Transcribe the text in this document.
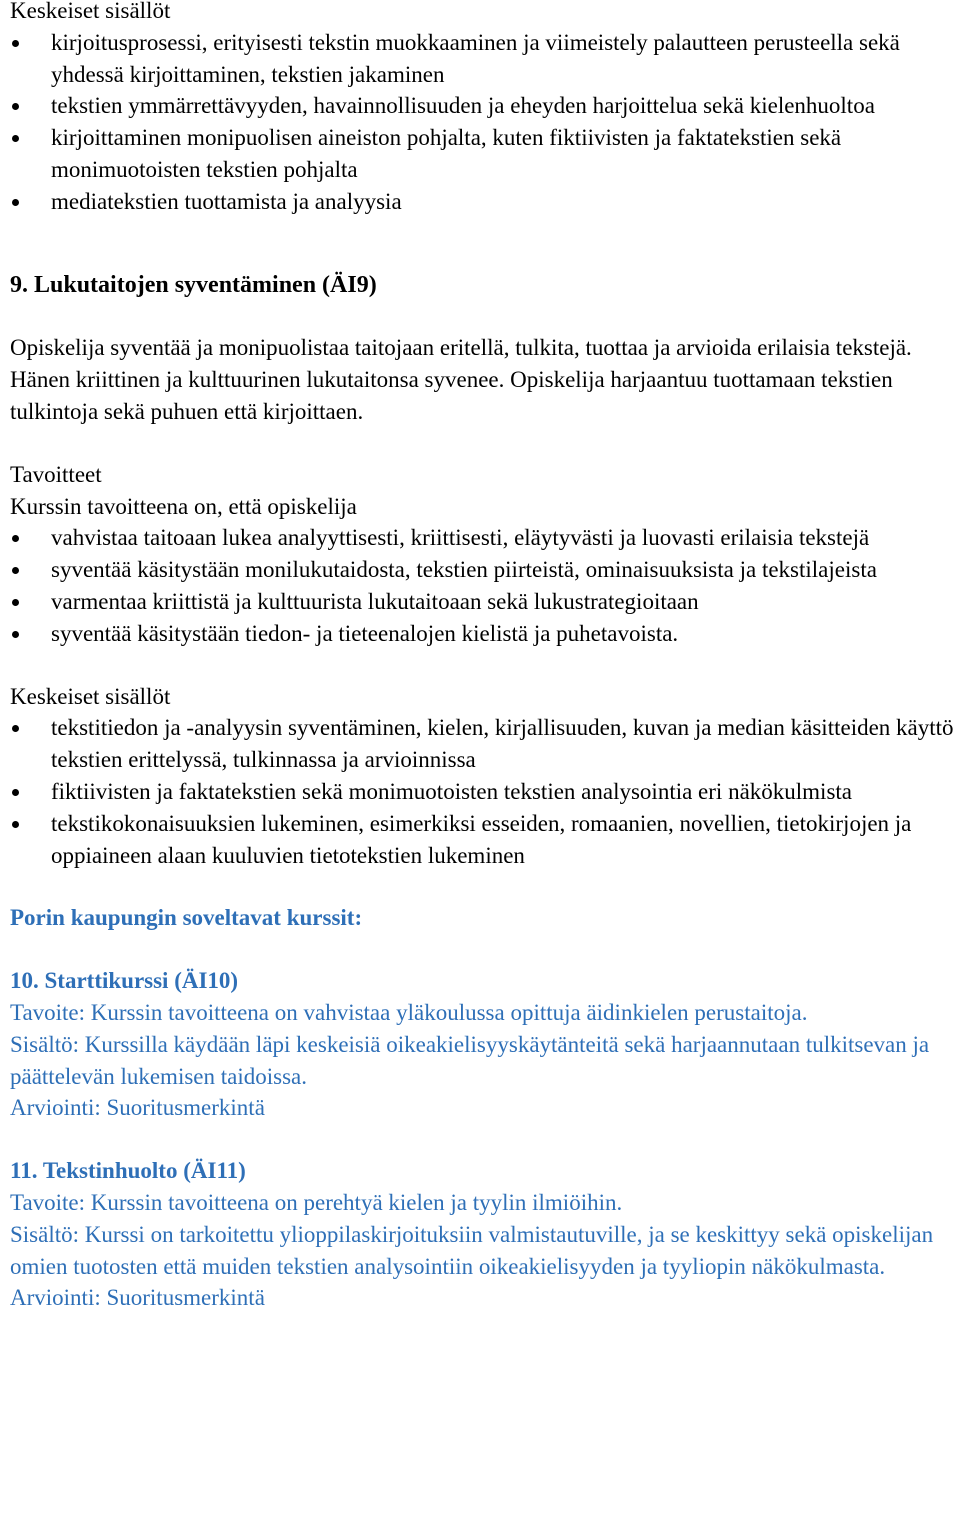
Keskeiset sisällöt

kirjoitusprosessi, erityisesti tekstin muokkaaminen ja viimeistely palautteen perusteella sekä yhdessä kirjoittaminen, tekstien jakaminen
tekstien ymmärrettävyyden, havainnollisuuden ja eheyden harjoittelua sekä kielenhuoltoa
kirjoittaminen monipuolisen aineiston pohjalta, kuten fiktiivisten ja faktatekstien sekä monimuotoisten tekstien pohjalta
mediatekstien tuottamista ja analyysia

9. Lukutaitojen syventäminen (ÄI9)

Opiskelija syventää ja monipuolistaa taitojaan eritellä, tulkita, tuottaa ja arvioida erilaisia tekstejä. Hänen kriittinen ja kulttuurinen lukutaitonsa syvenee. Opiskelija harjaantuu tuottamaan tekstien tulkintoja sekä puhuen että kirjoittaen.

Tavoitteet

Kurssin tavoitteena on, että opiskelija

vahvistaa taitoaan lukea analyyttisesti, kriittisesti, eläytyvästi ja luovasti erilaisia tekstejä
syventää käsitystään monilukutaidosta, tekstien piirteistä, ominaisuuksista ja tekstilajeista
varmentaa kriittistä ja kulttuurista lukutaitoaan sekä lukustrategioitaan
syventää käsitystään tiedon- ja tieteenalojen kielistä ja puhetavoista.

Keskeiset sisällöt

tekstitiedon ja -analyysin syventäminen, kielen, kirjallisuuden, kuvan ja median käsitteiden käyttö tekstien erittelyssä, tulkinnassa ja arvioinnissa
fiktiivisten ja faktatekstien sekä monimuotoisten tekstien analysointia eri näkökulmista
tekstikokonaisuuksien lukeminen, esimerkiksi esseiden, romaanien, novellien, tietokirjojen ja oppiaineen alaan kuuluvien tietotekstien lukeminen

Porin kaupungin soveltavat kurssit:

10. Starttikurssi (ÄI10)

Tavoite: Kurssin tavoitteena on vahvistaa yläkoulussa opittuja äidinkielen perustaitoja.

Sisältö: Kurssilla käydään läpi keskeisiä oikeakielisyyskäytänteitä sekä harjaannutaan tulkitsevan ja päättelevän lukemisen taidoissa.

Arviointi: Suoritusmerkintä

11. Tekstinhuolto (ÄI11)

Tavoite: Kurssin tavoitteena on perehtyä kielen ja tyylin ilmiöihin.

Sisältö: Kurssi on tarkoitettu ylioppilaskirjoituksiin valmistautuville, ja se keskittyy sekä opiskelijan omien tuotosten että muiden tekstien analysointiin oikeakielisyyden ja tyyliopin näkökulmasta.

Arviointi: Suoritusmerkintä
